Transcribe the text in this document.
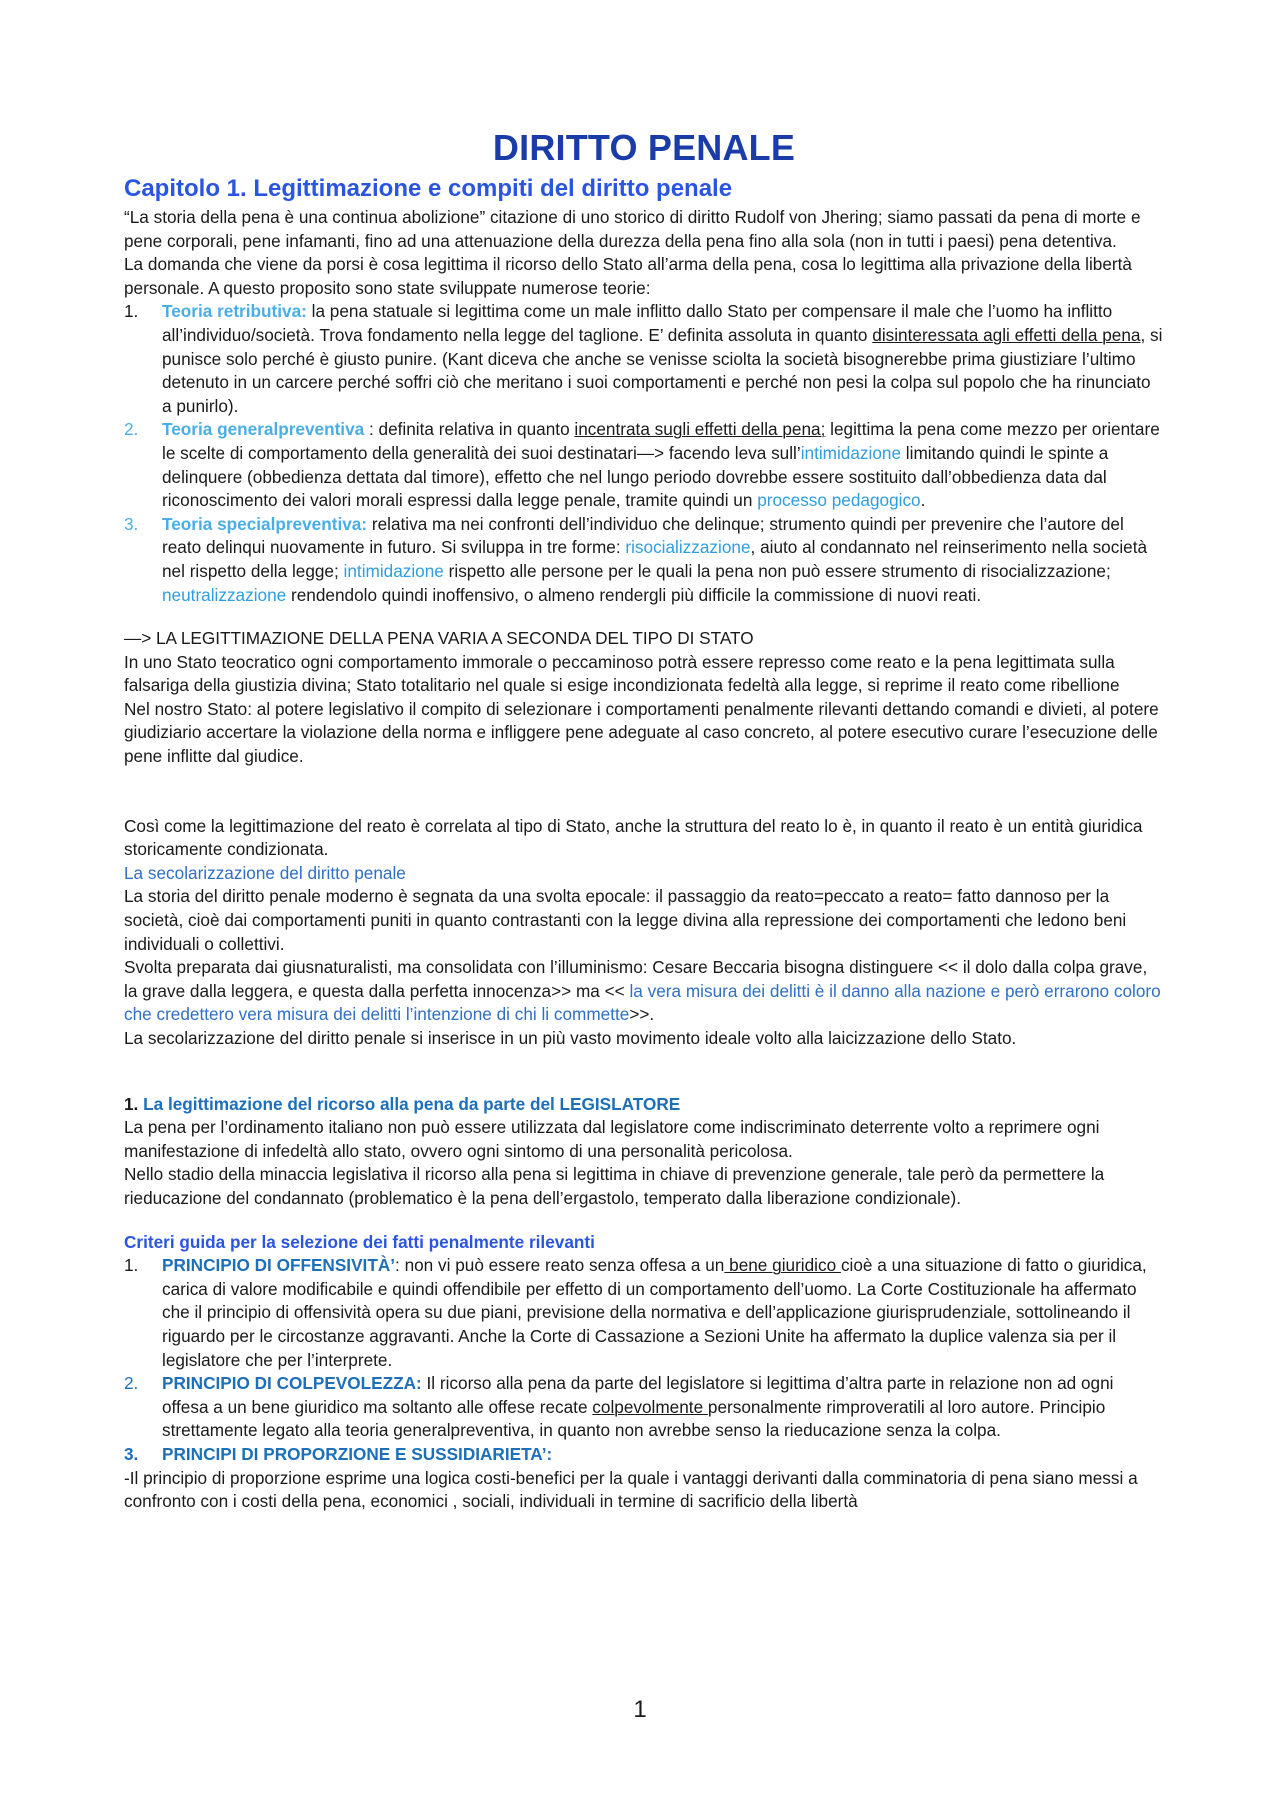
DIRITTO PENALE
Capitolo 1. Legittimazione e compiti del diritto penale

“La storia della pena è una continua abolizione” citazione di uno storico di diritto Rudolf von Jhering; siamo passati da pena di morte e pene corporali, pene infamanti, fino ad una attenuazione della durezza della pena fino alla sola (non in tutti i paesi) pena detentiva.

La domanda che viene da porsi è cosa legittima il ricorso dello Stato all’arma della pena, cosa lo legittima alla privazione della libertà personale. A questo proposito sono state sviluppate numerose teorie:

1. Teoria retributiva: la pena statuale si legittima come un male inflitto dallo Stato per compensare il male che l’uomo ha inflitto all’individuo/società. Trova fondamento nella legge del taglione. E’ definita assoluta in quanto disinteressata agli effetti della pena, si punisce solo perché è giusto punire. (Kant diceva che anche se venisse sciolta la società bisognerebbe prima giustiziare l’ultimo detenuto in un carcere perché soffri ciò che meritano i suoi comportamenti e perché non pesi la colpa sul popolo che ha rinunciato a punirlo).
2. Teoria generalpreventiva : definita relativa in quanto incentrata sugli effetti della pena; legittima la pena come mezzo per orientare le scelte di comportamento della generalità dei suoi destinatari—> facendo leva sull’intimidazione limitando quindi le spinte a delinquere (obbedienza dettata dal timore), effetto che nel lungo periodo dovrebbe essere sostituito dall’obbedienza data dal riconoscimento dei valori morali espressi dalla legge penale, tramite quindi un processo pedagogico.
3. Teoria specialpreventiva: relativa ma nei confronti dell’individuo che delinque; strumento quindi per prevenire che l’autore del reato delinqui nuovamente in futuro. Si sviluppa in tre forme: risocializzazione, aiuto al condannato nel reinserimento nella società nel rispetto della legge; intimidazione rispetto alle persone per le quali la pena non può essere strumento di risocializzazione; neutralizzazione rendendolo quindi inoffensivo, o almeno rendergli più difficile la commissione di nuovi reati.

—> LA LEGITTIMAZIONE DELLA PENA VARIA A SECONDA DEL TIPO DI STATO

In uno Stato teocratico ogni comportamento immorale o peccaminoso potrà essere represso come reato e la pena legittimata sulla falsariga della giustizia divina; Stato totalitario nel quale si esige incondizionata fedeltà alla legge, si reprime il reato come ribellione

Nel nostro Stato: al potere legislativo il compito di selezionare i comportamenti penalmente rilevanti dettando comandi e divieti, al potere giudiziario accertare la violazione della norma e infliggere pene adeguate al caso concreto, al potere esecutivo curare l’esecuzione delle pene inflitte dal giudice.

Così come la legittimazione del reato è correlata al tipo di Stato, anche la struttura del reato lo è, in quanto il reato è un entità giuridica storicamente condizionata.

La secolarizzazione del diritto penale

La storia del diritto penale moderno è segnata da una svolta epocale: il passaggio da reato=peccato a reato= fatto dannoso per la società, cioè dai comportamenti puniti in quanto contrastanti con la legge divina alla repressione dei comportamenti che ledono beni individuali o collettivi.

Svolta preparata dai giusnaturalisti, ma consolidata con l’illuminismo: Cesare Beccaria bisogna distinguere << il dolo dalla colpa grave, la grave dalla leggera, e questa dalla perfetta innocenza>> ma << la vera misura dei delitti è il danno alla nazione e però errarono coloro che credettero vera misura dei delitti l’intenzione di chi li commette>>.

La secolarizzazione del diritto penale si inserisce in un più vasto movimento ideale volto alla laicizzazione dello Stato.

1. La legittimazione del ricorso alla pena da parte del LEGISLATORE

La pena per l’ordinamento italiano non può essere utilizzata dal legislatore come indiscriminato deterrente volto a reprimere ogni manifestazione di infedeltà allo stato, ovvero ogni sintomo di una personalità pericolosa.

Nello stadio della minaccia legislativa il ricorso alla pena si legittima in chiave di prevenzione generale, tale però da permettere la rieducazione del condannato (problematico è la pena dell’ergastolo, temperato dalla liberazione condizionale).

Criteri guida per la selezione dei fatti penalmente rilevanti

1. PRINCIPIO DI OFFENSIVITÀ’: non vi può essere reato senza offesa a un bene giuridico cioè a una situazione di fatto o giuridica, carica di valore modificabile e quindi offendibile per effetto di un comportamento dell’uomo. La Corte Costituzionale ha affermato che il principio di offensività opera su due piani, previsione della normativa e dell’applicazione giurisprudenziale, sottolineando il riguardo per le circostanze aggravanti. Anche la Corte di Cassazione a Sezioni Unite ha affermato la duplice valenza sia per il legislatore che per l’interprete.
2. PRINCIPIO DI COLPEVOLEZZA: Il ricorso alla pena da parte del legislatore si legittima d’altra parte in relazione non ad ogni offesa a un bene giuridico ma soltanto alle offese recate colpevolmente personalmente rimproveratili al loro autore. Principio strettamente legato alla teoria generalpreventiva, in quanto non avrebbe senso la rieducazione senza la colpa.
3. PRINCIPI DI PROPORZIONE E SUSSIDIARIETA’:

-Il principio di proporzione esprime una logica costi-benefici per la quale i vantaggi derivanti dalla comminatoria di pena siano messi a confronto con i costi della pena, economici , sociali, individuali in termine di sacrificio della libertà

1
